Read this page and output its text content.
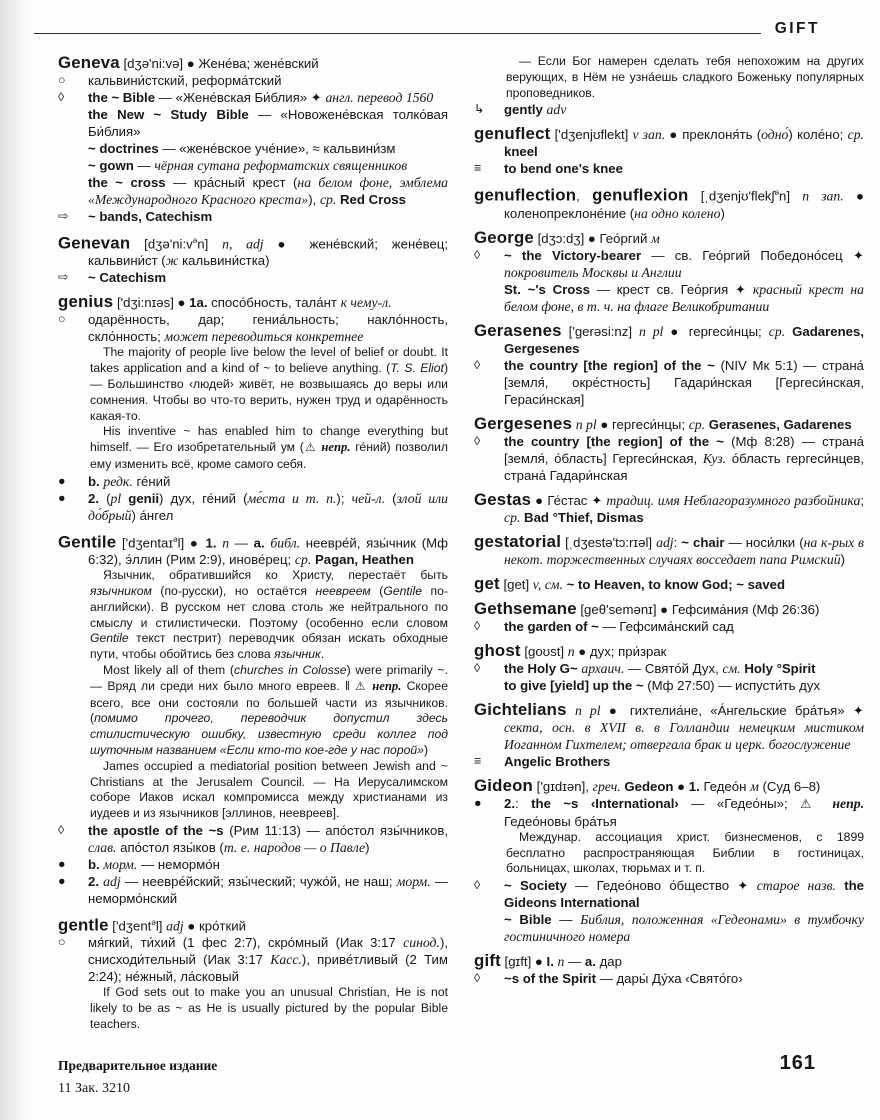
GIFT
Geneva [dʒə'ni:və] ● Жене́ва; жене́вский
○	кальвини́стский, реформа́тский
◊	the ~ Bible — «Жене́вская Би́блия» ✦ англ. перевод 1560
the New ~ Study Bible — «Новожене́вская толко́вая Би́блия»
~ doctrines — «жене́вское уче́ние», ≈ кальвини́зм
~ gown — чёрная сутана реформатских священников
the ~ cross — кра́сный крест (на белом фоне, эмблема «Международного Красного креста»), ср. Red Cross
⇨	~ bands, Catechism
Genevan $[dʒə'ni:v^ən]$ n, adj ● жене́вский; жене́вец; кальвини́ст (ж кальвини́стка)
⇨	~ Catechism
genius ['dʒi:nɪəs] ● 1a. спосо́бность, тала́нт к чему-л.
○	одарённость, дар; гениа́льность; накло́нность, скло́нность; может переводиться конкретнее
The majority of people live below the level of belief or doubt. It takes application and a kind of ~ to believe anything. (T. S. Eliot) — Большинство ‹людей› живёт, не возвышаясь до веры или сомнения. Чтобы во что-то верить, нужен труд и одарённость какая-то.
His inventive ~ has enabled him to change everything but himself. — Его изобретательный ум (⚠ непр. ге́ний) позволил ему изменить всё, кроме самого себя.
●	b. редк. ге́ний
●	2. (pl genii) дух, ге́ний (ме́ста и т. п.); чей-л. (злой или до́брый) а́нгел
Gentile ['dʒentaɪ$^ə$l] ● 1. n — a. библ. неевре́й, язы́чник (Мф 6:32), э́ллин (Рим 2:9), инове́рец; ср. Pagan, Heathen
Язычник, обратившийся ко Христу, перестаёт быть язычником (по-русски), но остаётся неевреем (Gentile по-английски). В русском нет слова столь же нейтрального по смыслу и стилистически. Поэтому (особенно если словом Gentile текст пестрит) переводчик обязан искать обходные пути, чтобы обойтись без слова язычник.
Most likely all of them (churches in Colosse) were primarily ~. — Вряд ли среди них было много евреев. ‖ ⚠ непр. Скорее всего, все они состояли по большей части из язычников. (помимо прочего, переводчик допустил здесь стилистическую ошибку, известную среди коллег под шуточным названием «Если кто-то кое-где у нас порой»)
James occupied a mediatorial position between Jewish and ~ Christians at the Jerusalem Council. — На Иерусалимском соборе Иаков искал компромисса между христианами из иудеев и из язычников [эллинов, неевреев].
◊	the apostle of the ~s (Рим 11:13) — апо́стол язы́чников, слав. апо́стол язы́ков (т. е. народов — о Павле)
●	b. морм. — немормо́н
●	2. adj — неевре́йский; язы́ческий; чужо́й, не наш; морм. — немормо́нский
gentle ['dʒent$^ə$l] adj ● кро́ткий
○	мя́гкий, ти́хий (1 фес 2:7), скро́мный (Иак 3:17 синод.), снисходи́тельный (Иак 3:17 Касс.), приве́тливый (2 Тим 2:24); не́жный, ла́сковый
If God sets out to make you an unusual Christian, He is not likely to be as ~ as He is usually pictured by the popular Bible teachers.
— Если Бог намерен сделать тебя непохожим на других верующих, в Нём не узна́ешь сладкого Боженьку популярных проповедников.
↳	gently adv
genuflect ['dʒenjʊflekt] v зап. ● преклоня́ть (одно́) коле́но; ср. kneel
≡	to bend one's knee
genuflection, genuflexion [ˌdʒenjʊ'flekʃ$^ə$n] n зап. ● коленопреклоне́ние (на одно колено)
George [dʒɔ:dʒ] ● Гео́ргий м
◊	~ the Victory-bearer — св. Гео́ргий Победоно́сец ✦ покровитель Москвы и Англии
St. ~'s Cross — крест св. Гео́ргия ✦ красный крест на белом фоне, в т. ч. на флаге Великобритании
Gerasenes ['gerəsi:nz] n pl ● гергеси́нцы; ср. Gadarenes, Gergesenes
◊	the country [the region] of the ~ (NIV Мк 5:1) — страна́ [земля́, окре́стность] Гадари́нская [Гергеси́нская, Гераси́нская]
Gergesenes n pl ● гергеси́нцы; ср. Gerasenes, Gadarenes
◊	the country [the region] of the ~ (Мф 8:28) — страна́ [земля́, о́бласть] Гергеси́нская, Куз. о́бласть гергеси́нцев, страна́ Гадари́нская
Gestas ● Ге́стас ✦ традиц. имя Неблагоразумного разбойника; ср. Bad °Thief, Dismas
gestatorial [ˌdʒestə'tɔ:rɪəl] adj: ~ chair — носи́лки (на к-рых в некот. торжественных случаях восседает папа Римский)
get [get] v, см. ~ to Heaven, to know God; ~ saved
Gethsemane [geθ'semənɪ] ● Гефсима́ния (Мф 26:36)
◊	the garden of ~ — Гефсима́нский сад
ghost [goʊst] n ● дух; при́зрак
◊	the Holy G~ архаич. — Свято́й Дух, см. Holy °Spirit
to give [yield] up the ~ (Мф 27:50) — испусти́ть дух
Gichtelians n pl ● гихтелиа́не, «А́нгельские бра́тья» ✦ секта, осн. в XVII в. в Голландии немецким мистиком Иоганном Гихтелем; отвергала брак и церк. богослужение
≡	Angelic Brothers
Gideon ['gɪdɪən], греч. Gedeon ● 1. Гедео́н м (Суд 6–8)
●	2.: the ~s ‹International› — «Гедео́ны»; ⚠ непр. Гедео́новы бра́тья
Междунар. ассоциация христ. бизнесменов, с 1899 бесплатно распространяющая Библии в гостиницах, больницах, школах, тюрьмах и т. п.
◊	~ Society — Гедео́ново о́бщество ✦ старое назв. the Gideons International
~ Bible — Библия, положенная «Гедеонами» в тумбочку гостиничного номера
gift [gɪft] ● I. n — a. дар
◊	~s of the Spirit — дары́ Ду́ха ‹Свято́го›
Предварительное издание
11 Зак. 3210
161
